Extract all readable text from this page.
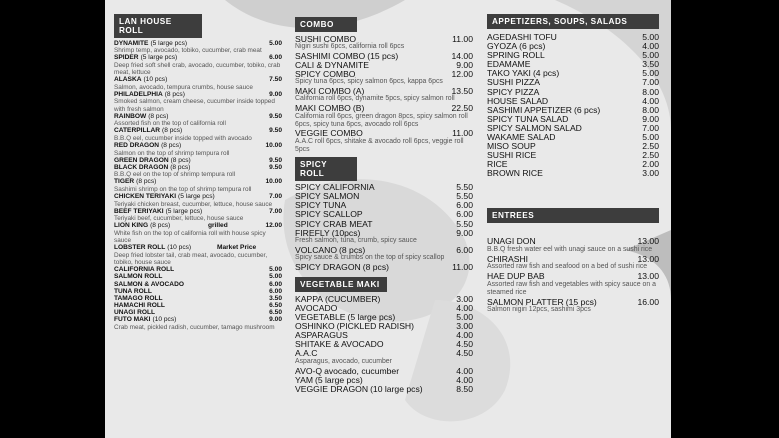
LAN HOUSE ROLL
DYNAMITE (5 large pcs)	5.00
Shrimp temp, avocado, tobiko, cucumber, crab meat
SPIDER (5 large pcs)	6.00
Deep fried soft shell crab, avocado, cucumber, tobiko, crab meat, lettuce
ALASKA (10 pcs)	7.50
Salmon, avocado, tempura crumbs, house sauce
PHILADELPHIA (8 pcs)	9.00
Smoked salmon, cream cheese, cucumber inside topped with fresh salmon
RAINBOW (8 pcs)	9.50
Assorted fish on the top of california roll
CATERPILLAR (8 pcs)	9.50
B.B.Q eel, cucumber inside topped with avocado
RED DRAGON (8 pcs)	10.00
Salmon on the top of shrimp tempura roll
GREEN DRAGON (8 pcs)	9.50
BLACK DRAGON (8 pcs)	9.50
B.B.Q eel on the top of shrimp tempura roll
TIGER (8 pcs)	10.00
Sashimi shrimp on the top of shrimp tempura roll
CHICKEN TERIYAKI (5 large pcs)	7.00
Teriyaki chicken breast, cucumber, lettuce, house sauce
BEEF TERIYAKI (5 large pcs)	7.00
Teriyaki beef, cucumber, lettuce, house sauce
LION KING (8 pcs)	grilled	12.00
White fish on the top of california roll with house spicy sauce
LOBSTER ROLL (10 pcs)	Market Price
Deep fried lobster tail, crab meat, avocado, cucumber, tobiko, house sauce
CALIFORNIA ROLL	5.00
SALMON ROLL	5.00
SALMON & AVOCADO	6.00
TUNA ROLL	6.00
TAMAGO ROLL	3.50
HAMACHI ROLL	6.50
UNAGI ROLL	6.50
FUTO MAKI (10 pcs)	9.00
Crab meat, pickled radish, cucumber, tamago mushroom
COMBO
SUSHI COMBO	11.00
Nigiri sushi 6pcs, california roll 6pcs
SASHIMI COMBO (15 pcs)	14.00
CALI & DYNAMITE	9.00
SPICY COMBO	12.00
Spicy tuna 6pcs, spicy salmon 6pcs, kappa 6pcs
MAKI COMBO (A)	13.50
California roll 6pcs, dynamite 5pcs, spicy salmon roll
MAKI COMBO (B)	22.50
California roll 6pcs, green dragon 8pcs, spicy salmon roll 6pcs, spicy tuna 6pcs, avocado roll 6pcs
VEGGIE COMBO	11.00
A.A.C roll 6pcs, shitake & avocado roll 6pcs, veggie roll 5pcs
SPICY ROLL
SPICY CALIFORNIA	5.50
SPICY SALMON	5.50
SPICY TUNA	6.00
SPICY SCALLOP	6.00
SPICY CRAB MEAT	5.50
FIREFLY (10pcs)	9.00
Fresh salmon, tuna, crumb, spicy sauce
VOLCANO (8 pcs)	6.00
Spicy sauce & crumbs on the top of spicy scallop
SPICY DRAGON (8 pcs)	11.00
VEGETABLE MAKI
KAPPA (CUCUMBER)	3.00
AVOCADO	4.00
VEGETABLE (5 large pcs)	5.00
OSHINKO (PICKLED RADISH)	3.00
ASPARAGUS	4.00
SHITAKE & AVOCADO	4.50
A.A.C	4.50
Asparagus, avocado, cucumber
AVO-Q avocado, cucumber	4.00
YAM (5 large pcs)	4.00
VEGGIE DRAGON (10 large pcs)	8.50
APPETIZERS, SOUPS, SALADS
AGEDASHI TOFU	5.00
GYOZA (6 pcs)	4.00
SPRING ROLL	5.00
EDAMAME	3.50
TAKO YAKI (4 pcs)	5.00
SUSHI PIZZA	7.00
SPICY PIZZA	8.00
HOUSE SALAD	4.00
SASHIMI APPETIZER (6 pcs)	8.00
SPICY TUNA SALAD	9.00
SPICY SALMON SALAD	7.00
WAKAME SALAD	5.00
MISO SOUP	2.50
SUSHI RICE	2.50
RICE	2.00
BROWN RICE	3.00
ENTREES
UNAGI DON	13.00
B.B.Q fresh water eel with unagi sauce on a sushi rice
CHIRASHI	13.00
Assorted raw fish and seafood on a bed of sushi rice
HAE DUP BAB	13.00
Assorted raw fish and vegetables with spicy sauce on a steamed rice
SALMON PLATTER (15 pcs)	16.00
Salmon nigiri 12pcs, sashimi 3pcs
